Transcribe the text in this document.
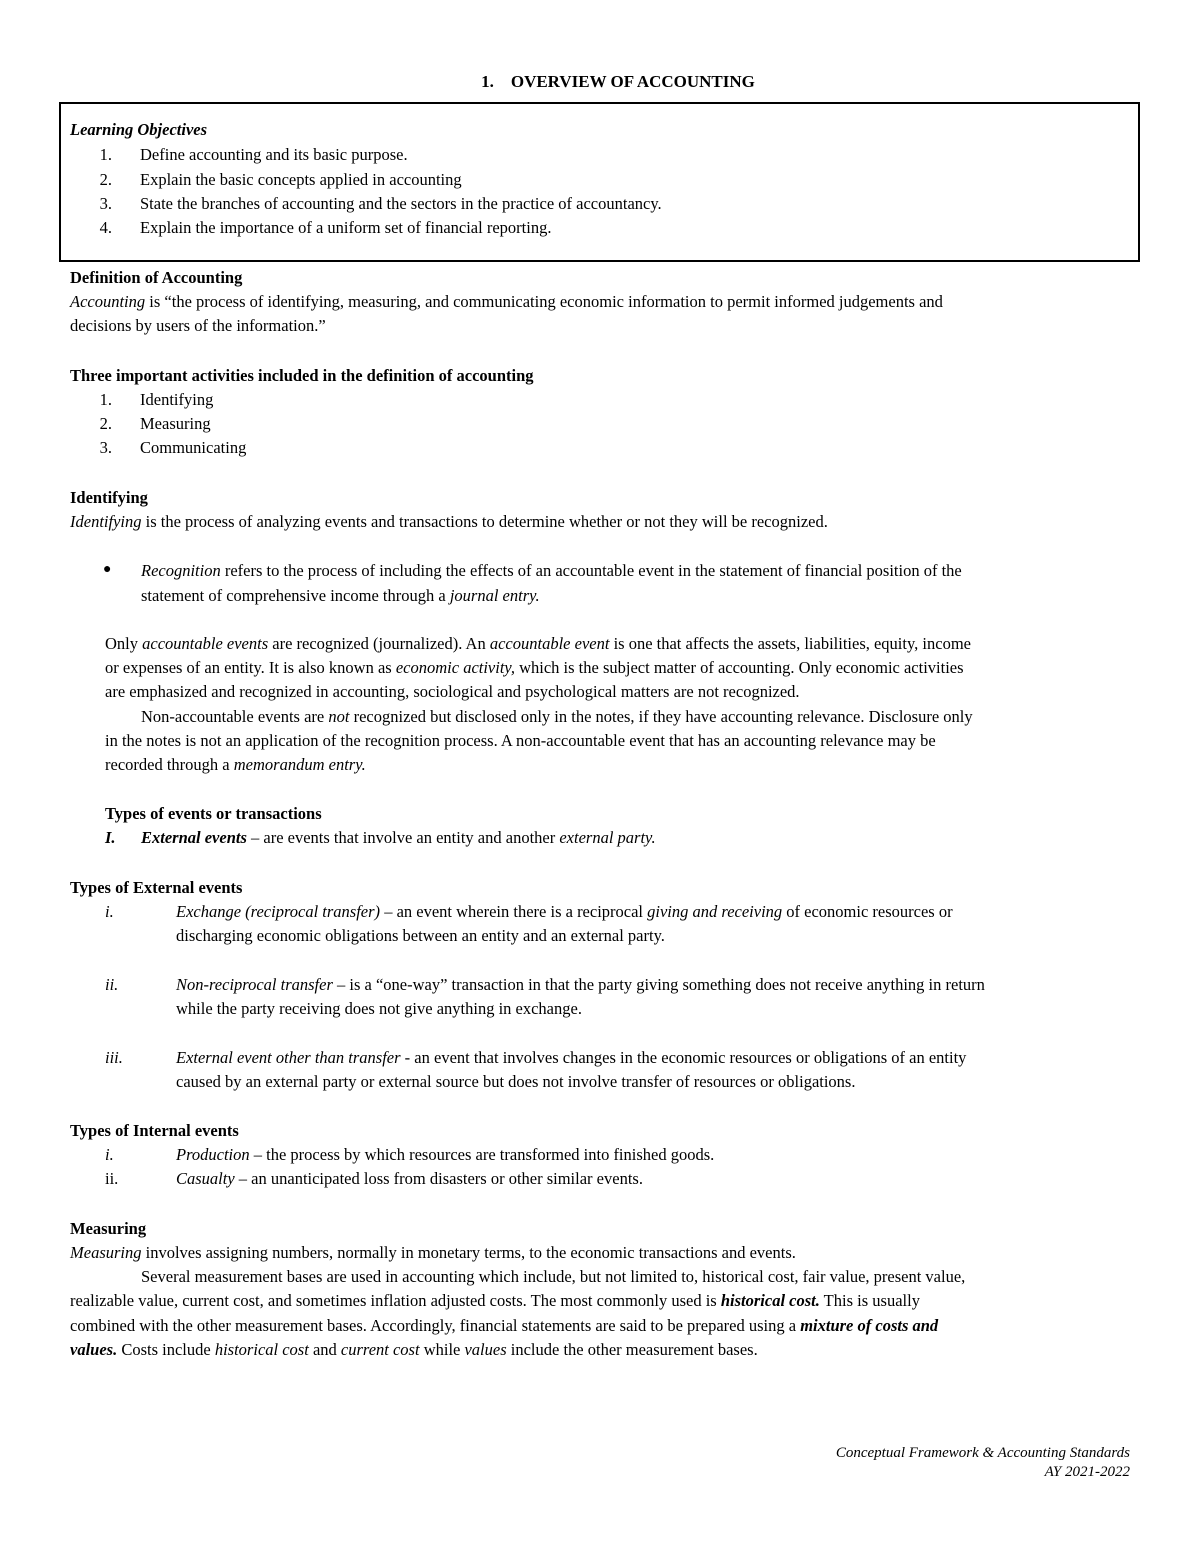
1. OVERVIEW OF ACCOUNTING
Learning Objectives
1. Define accounting and its basic purpose.
2. Explain the basic concepts applied in accounting
3. State the branches of accounting and the sectors in the practice of accountancy.
4. Explain the importance of a uniform set of financial reporting.
Definition of Accounting
Accounting is “the process of identifying, measuring, and communicating economic information to permit informed judgements and
decisions by users of the information.”
Three important activities included in the definition of accounting
1. Identifying
2. Measuring
3. Communicating
Identifying
Identifying is the process of analyzing events and transactions to determine whether or not they will be recognized.
● Recognition refers to the process of including the effects of an accountable event in the statement of financial position of the
statement of comprehensive income through a journal entry.
Only accountable events are recognized (journalized). An accountable event is one that affects the assets, liabilities, equity, income
or expenses of an entity. It is also known as economic activity, which is the subject matter of accounting. Only economic activities
are emphasized and recognized in accounting, sociological and psychological matters are not recognized.
Non-accountable events are not recognized but disclosed only in the notes, if they have accounting relevance. Disclosure only
in the notes is not an application of the recognition process. A non-accountable event that has an accounting relevance may be
recorded through a memorandum entry.
Types of events or transactions
I. External events – are events that involve an entity and another external party.
Types of External events
i.	Exchange (reciprocal transfer) – an event wherein there is a reciprocal giving and receiving of economic resources or
discharging economic obligations between an entity and an external party.
ii.	Non-reciprocal transfer – is a “one-way” transaction in that the party giving something does not receive anything in return
while the party receiving does not give anything in exchange.
iii.	External event other than transfer - an event that involves changes in the economic resources or obligations of an entity
caused by an external party or external source but does not involve transfer of resources or obligations.
Types of Internal events
i.	Production – the process by which resources are transformed into finished goods.
ii.	Casualty – an unanticipated loss from disasters or other similar events.
Measuring
Measuring involves assigning numbers, normally in monetary terms, to the economic transactions and events.
Several measurement bases are used in accounting which include, but not limited to, historical cost, fair value, present value,
realizable value, current cost, and sometimes inflation adjusted costs. The most commonly used is historical cost. This is usually
combined with the other measurement bases. Accordingly, financial statements are said to be prepared using a mixture of costs and
values. Costs include historical cost and current cost while values include the other measurement bases.
Conceptual Framework & Accounting Standards
AY 2021-2022
